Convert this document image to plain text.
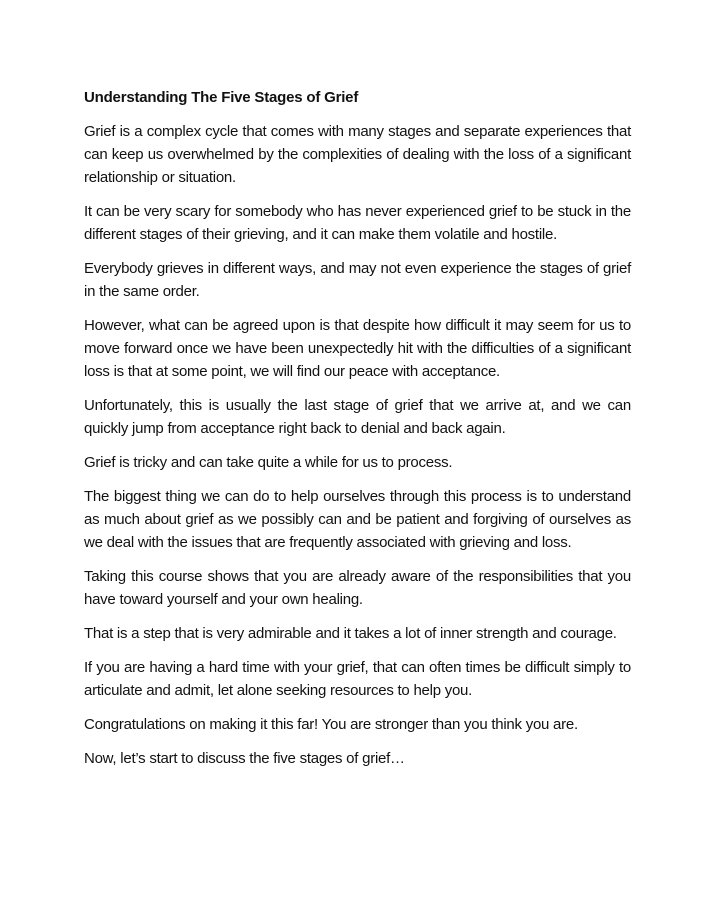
Understanding The Five Stages of Grief

Grief is a complex cycle that comes with many stages and separate experiences that can keep us overwhelmed by the complexities of dealing with the loss of a significant relationship or situation.

It can be very scary for somebody who has never experienced grief to be stuck in the different stages of their grieving, and it can make them volatile and hostile.

Everybody grieves in different ways, and may not even experience the stages of grief in the same order.

However, what can be agreed upon is that despite how difficult it may seem for us to move forward once we have been unexpectedly hit with the difficulties of a significant loss is that at some point, we will find our peace with acceptance.

Unfortunately, this is usually the last stage of grief that we arrive at, and we can quickly jump from acceptance right back to denial and back again.

Grief is tricky and can take quite a while for us to process.

The biggest thing we can do to help ourselves through this process is to understand as much about grief as we possibly can and be patient and forgiving of ourselves as we deal with the issues that are frequently associated with grieving and loss.

Taking this course shows that you are already aware of the responsibilities that you have toward yourself and your own healing.

That is a step that is very admirable and it takes a lot of inner strength and courage.

If you are having a hard time with your grief, that can often times be difficult simply to articulate and admit, let alone seeking resources to help you.

Congratulations on making it this far! You are stronger than you think you are.

Now, let’s start to discuss the five stages of grief…
